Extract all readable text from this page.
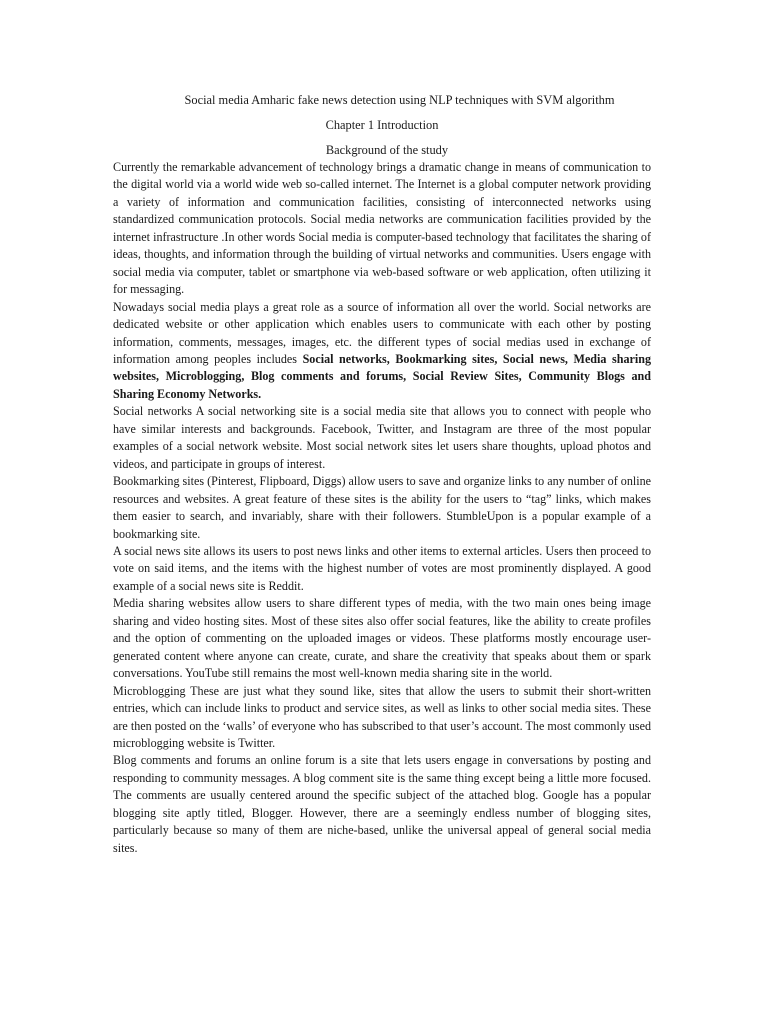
Social media Amharic fake news detection using NLP techniques with SVM algorithm

Chapter 1 Introduction

Background of the study

Currently the remarkable advancement of technology brings a dramatic change in means of communication to the digital world via a world wide web so-called internet. The Internet is a global computer network providing a variety of information and communication facilities, consisting of interconnected networks using standardized communication protocols. Social media networks are communication facilities provided by the internet infrastructure .In other words Social media is computer-based technology that facilitates the sharing of ideas, thoughts, and information through the building of virtual networks and communities. Users engage with social media via computer, tablet or smartphone via web-based software or web application, often utilizing it for messaging.

Nowadays social media plays a great role as a source of information all over the world. Social networks are dedicated website or other application which enables users to communicate with each other by posting information, comments, messages, images, etc. the different types of social medias used in exchange of information among peoples includes Social networks, Bookmarking sites, Social news, Media sharing websites, Microblogging, Blog comments and forums, Social Review Sites, Community Blogs and Sharing Economy Networks.

Social networks A social networking site is a social media site that allows you to connect with people who have similar interests and backgrounds. Facebook, Twitter, and Instagram are three of the most popular examples of a social network website. Most social network sites let users share thoughts, upload photos and videos, and participate in groups of interest.

Bookmarking sites (Pinterest, Flipboard, Diggs) allow users to save and organize links to any number of online resources and websites. A great feature of these sites is the ability for the users to “tag” links, which makes them easier to search, and invariably, share with their followers. StumbleUpon is a popular example of a bookmarking site.

A social news site allows its users to post news links and other items to external articles. Users then proceed to vote on said items, and the items with the highest number of votes are most prominently displayed. A good example of a social news site is Reddit.

Media sharing websites allow users to share different types of media, with the two main ones being image sharing and video hosting sites. Most of these sites also offer social features, like the ability to create profiles and the option of commenting on the uploaded images or videos. These platforms mostly encourage user-generated content where anyone can create, curate, and share the creativity that speaks about them or spark conversations. YouTube still remains the most well-known media sharing site in the world.

Microblogging These are just what they sound like, sites that allow the users to submit their short-written entries, which can include links to product and service sites, as well as links to other social media sites. These are then posted on the ‘walls’ of everyone who has subscribed to that user’s account. The most commonly used microblogging website is Twitter.

Blog comments and forums an online forum is a site that lets users engage in conversations by posting and responding to community messages. A blog comment site is the same thing except being a little more focused. The comments are usually centered around the specific subject of the attached blog. Google has a popular blogging site aptly titled, Blogger. However, there are a seemingly endless number of blogging sites, particularly because so many of them are niche-based, unlike the universal appeal of general social media sites.
